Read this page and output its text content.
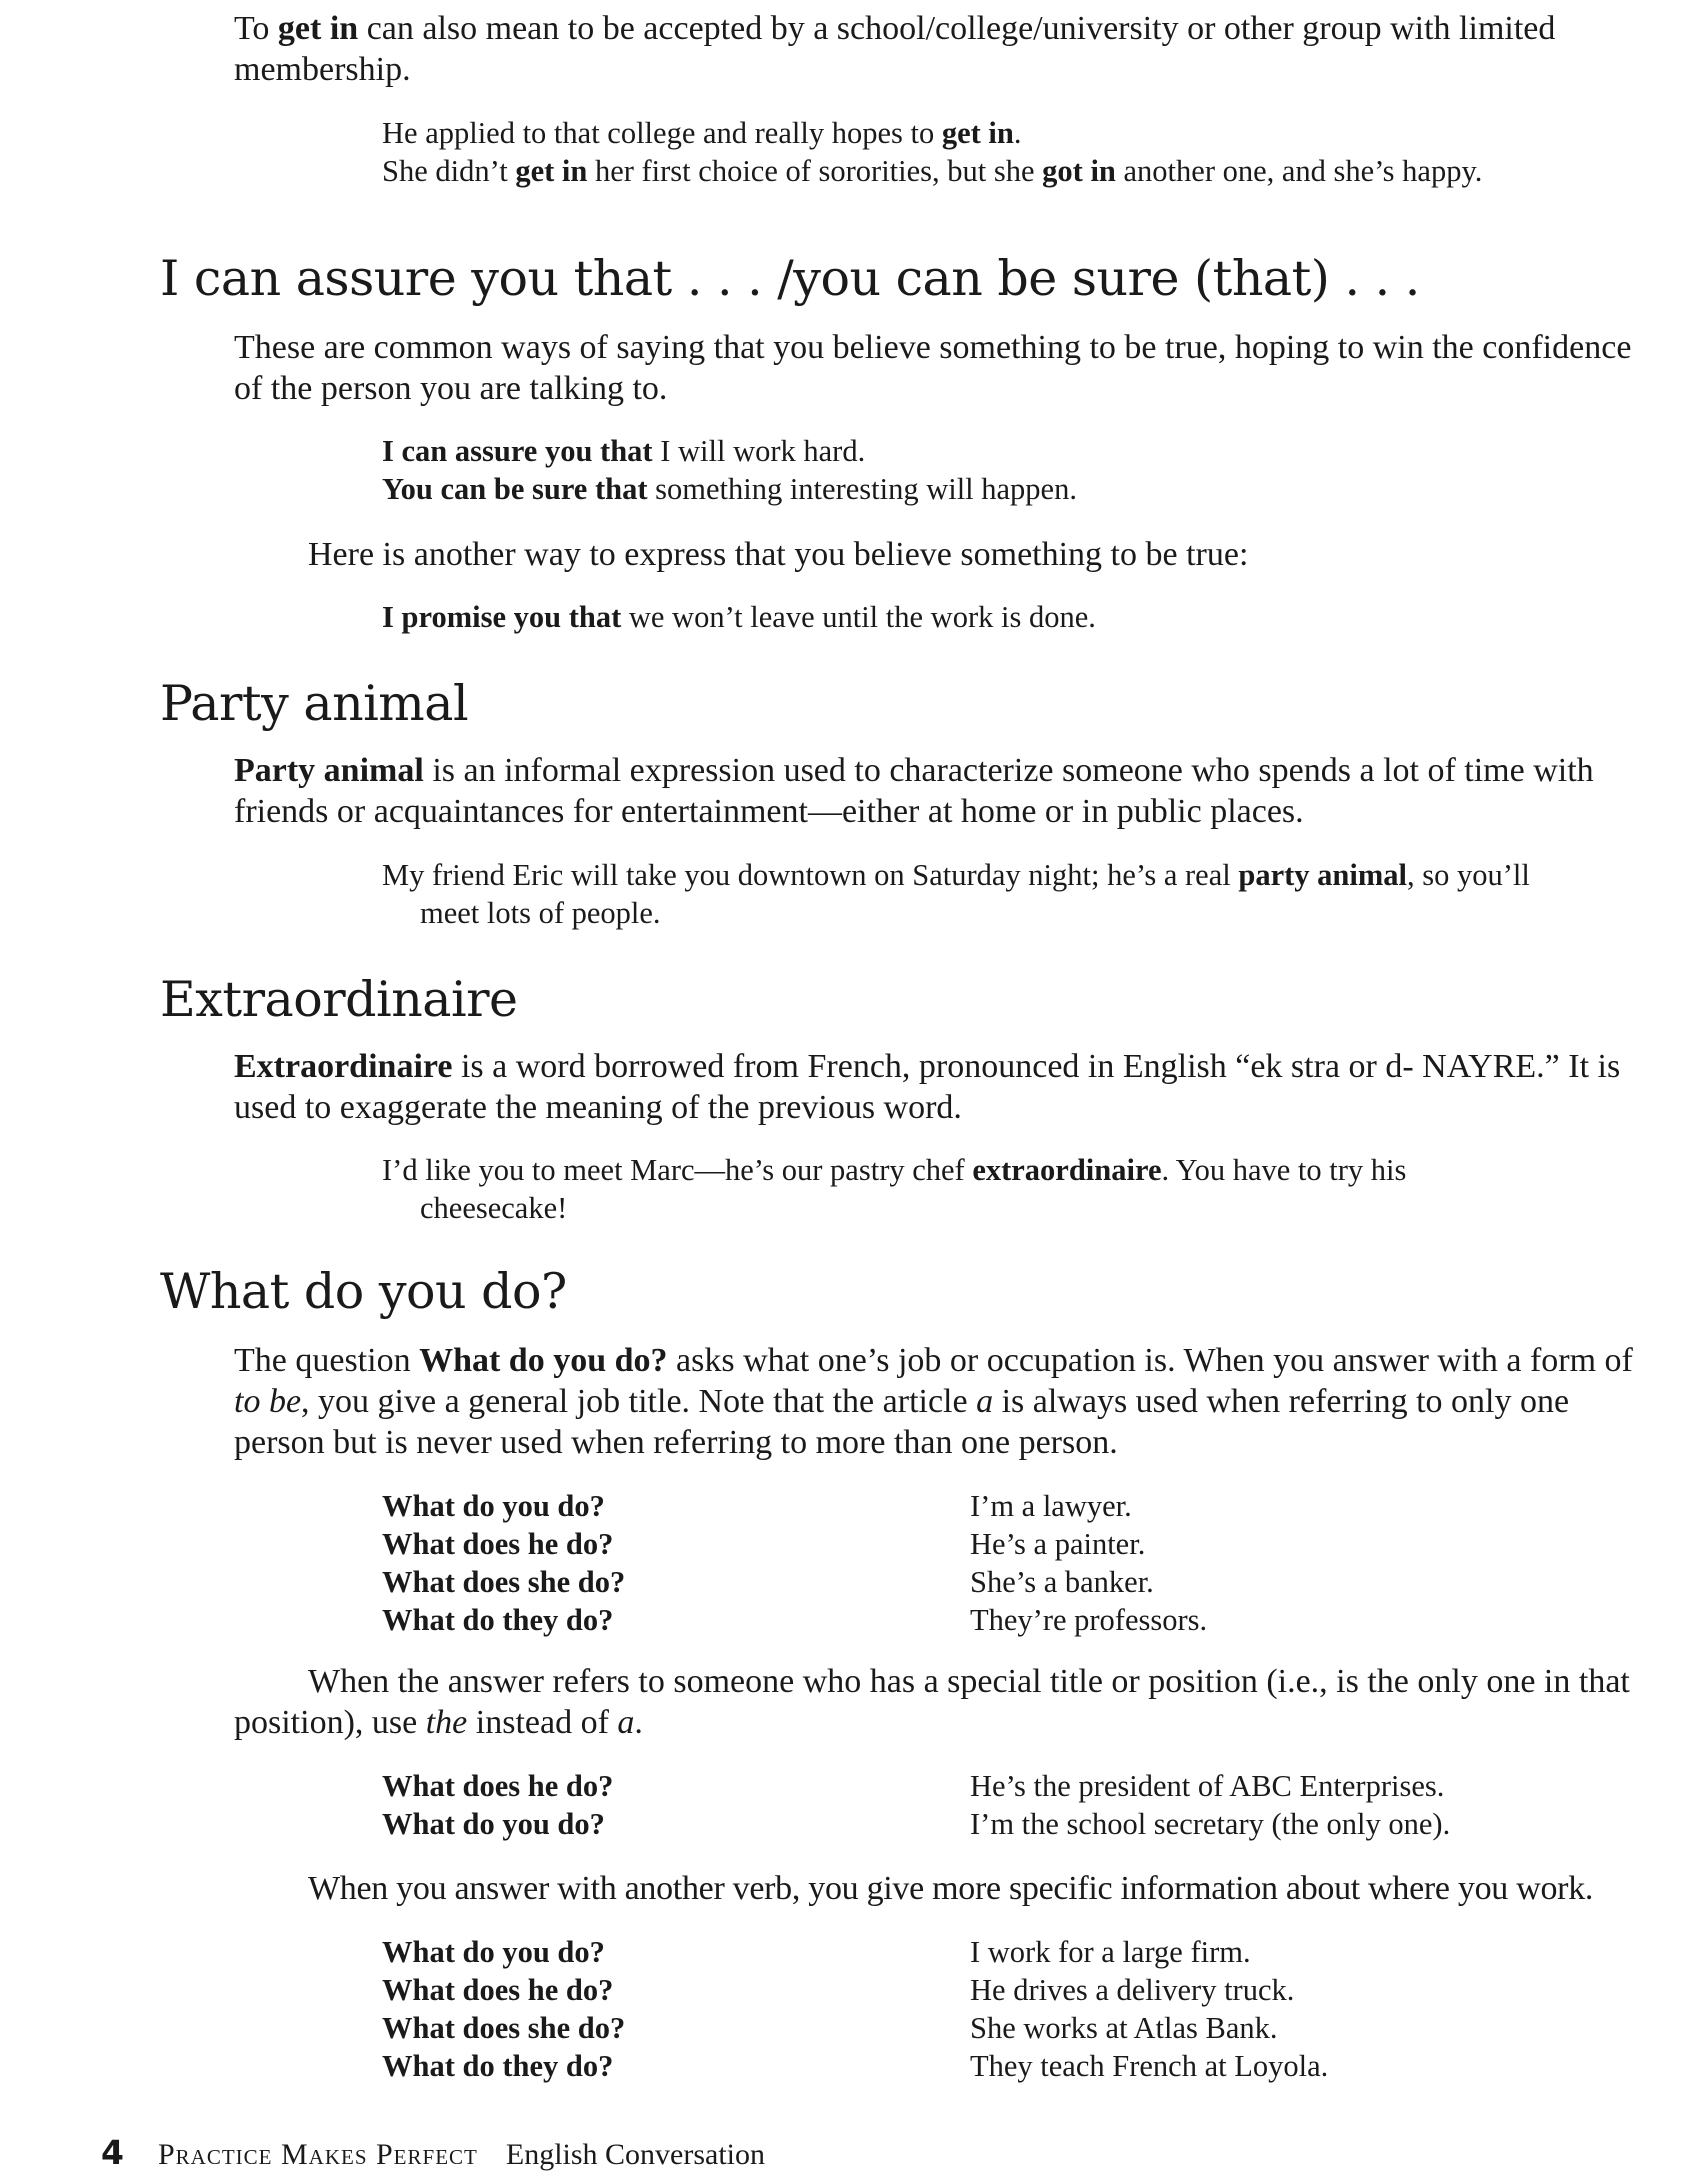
To get in can also mean to be accepted by a school/college/university or other group with limited membership.

He applied to that college and really hopes to get in.
She didn’t get in her first choice of sororities, but she got in another one, and she’s happy.
I can assure you that . . . /you can be sure (that) . . .

These are common ways of saying that you believe something to be true, hoping to win the confidence of the person you are talking to.

I can assure you that I will work hard.
You can be sure that something interesting will happen.

Here is another way to express that you believe something to be true:

I promise you that we won’t leave until the work is done.
Party animal

Party animal is an informal expression used to characterize someone who spends a lot of time with friends or acquaintances for entertainment—either at home or in public places.

My friend Eric will take you downtown on Saturday night; he’s a real party animal, so you’ll
meet lots of people.
Extraordinaire

Extraordinaire is a word borrowed from French, pronounced in English “ek stra or d- NAYRE.” It is used to exaggerate the meaning of the previous word.

I’d like you to meet Marc—he’s our pastry chef extraordinaire. You have to try his
cheesecake!
What do you do?

The question What do you do? asks what one’s job or occupation is. When you answer with a form of to be, you give a general job title. Note that the article a is always used when referring to only one person but is never used when referring to more than one person.

What do you do?	I’m a lawyer.
What does he do?	He’s a painter.
What does she do?	She’s a banker.
What do they do?	They’re professors.

When the answer refers to someone who has a special title or position (i.e., is the only one in that position), use the instead of a.

What does he do?	He’s the president of ABC Enterprises.
What do you do?	I’m the school secretary (the only one).

When you answer with another verb, you give more specific information about where you work.

What do you do?	I work for a large firm.
What does he do?	He drives a delivery truck.
What does she do?	She works at Atlas Bank.
What do they do?	They teach French at Loyola.
4 Practice Makes Perfect English Conversation
